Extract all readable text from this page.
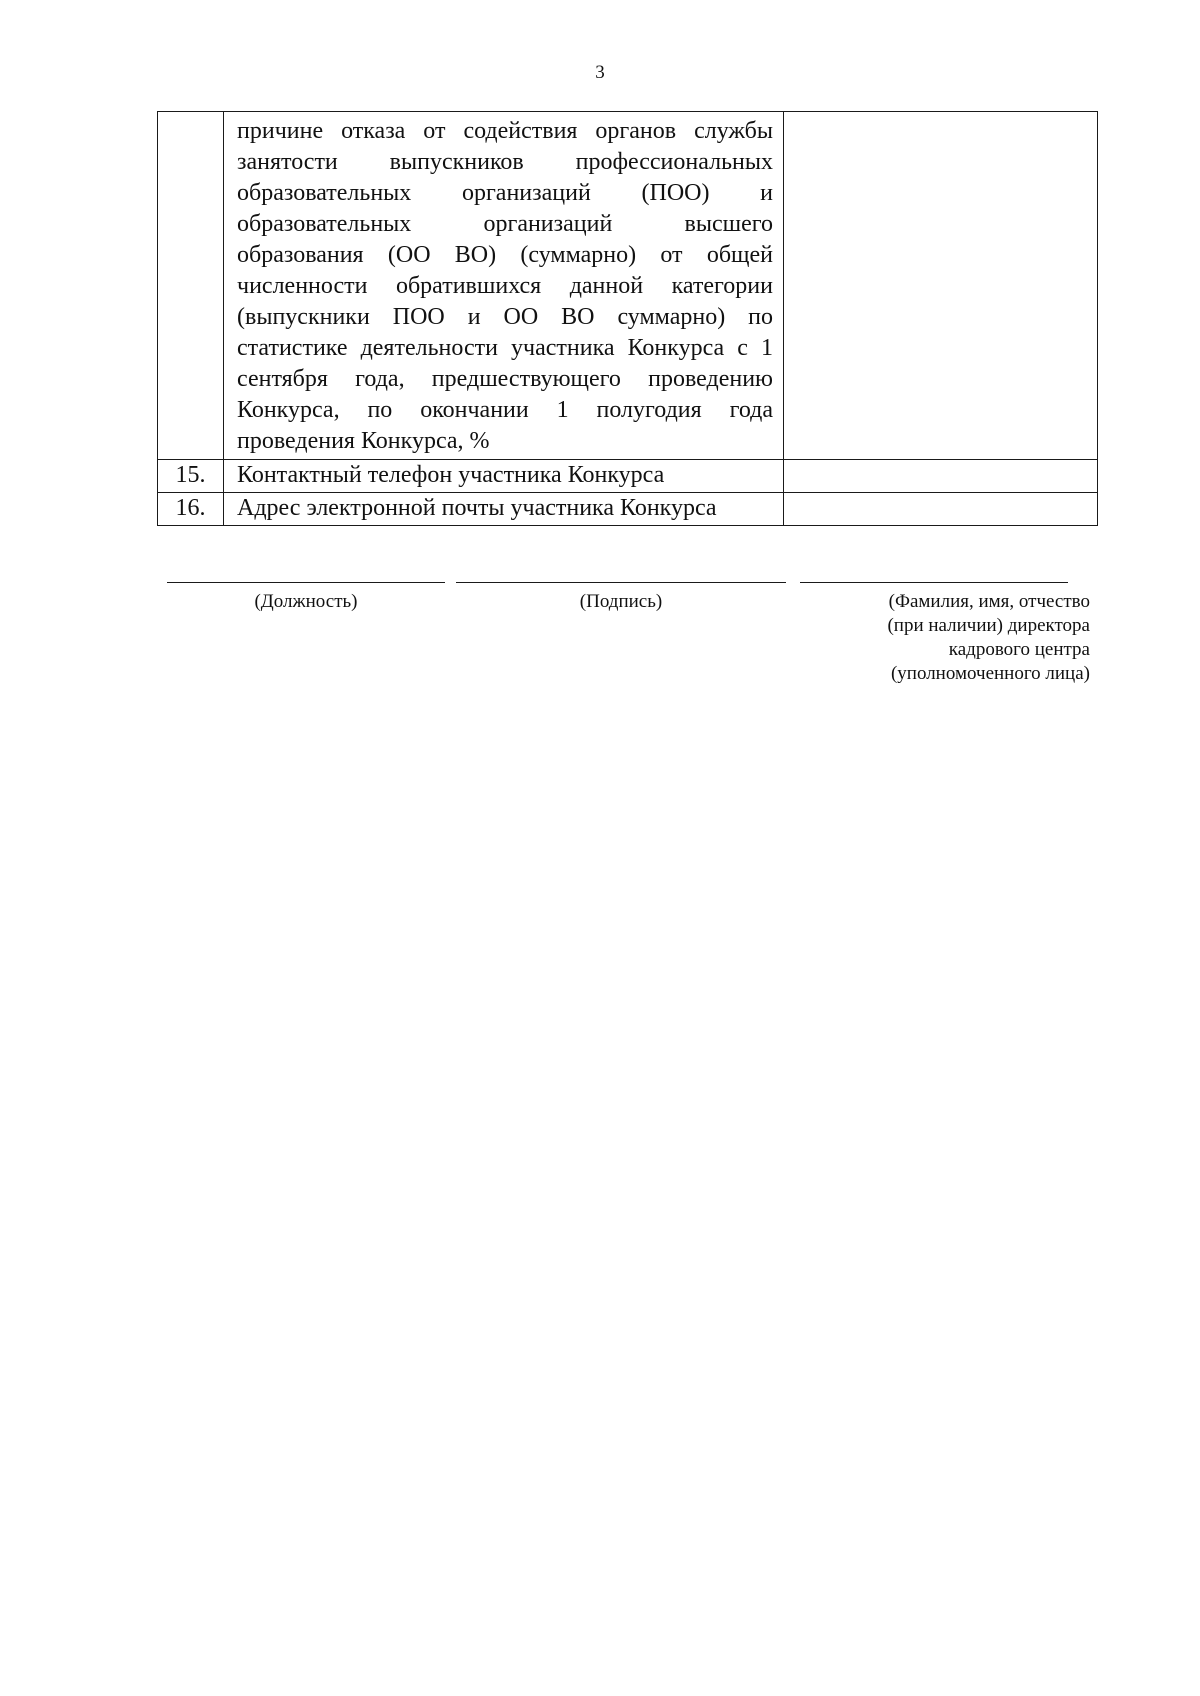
3
	причине отказа от содействия органов службы занятости выпускников профессиональных образовательных организаций (ПОО) и образовательных организаций высшего образования (ОО ВО) (суммарно) от общей численности обратившихся данной категории (выпускники ПОО и ОО ВО суммарно) по статистике деятельности участника Конкурса с 1 сентября года, предшествующего проведению Конкурса, по окончании 1 полугодия года проведения Конкурса, %	
15.	Контактный телефон участника Конкурса	
16.	Адрес электронной почты участника Конкурса	
(Должность)	(Подпись)	(Фамилия, имя, отчество
(при наличии) директора
кадрового центра
(уполномоченного лица)
